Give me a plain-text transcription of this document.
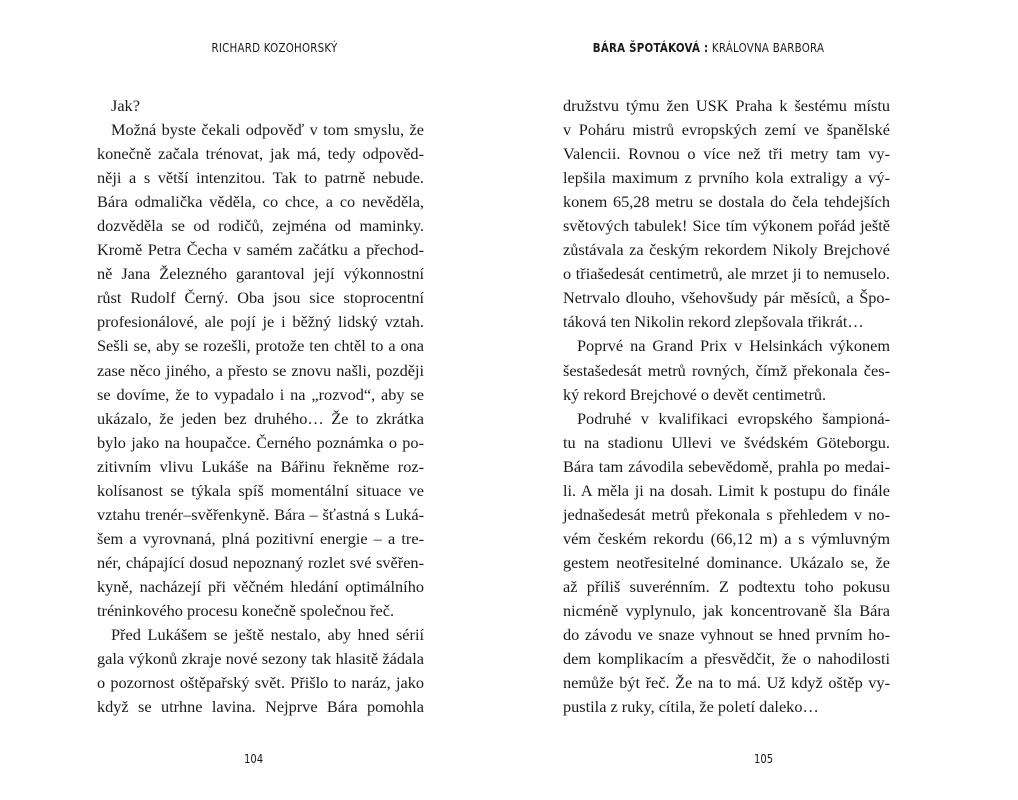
RICHARD KOZOHORSKÝ
Jak?
Možná byste čekali odpověď v tom smyslu, že
konečně začala trénovat, jak má, tedy odpověd-
něji a s větší intenzitou. Tak to patrně nebude.
Bára odmalička věděla, co chce, a co nevěděla,
dozvěděla se od rodičů, zejména od maminky.
Kromě Petra Čecha v samém začátku a přechod-
ně Jana Železného garantoval její výkonnostní
růst Rudolf Černý. Oba jsou sice stoprocentní
profesionálové, ale pojí je i běžný lidský vztah.
Sešli se, aby se rozešli, protože ten chtěl to a ona
zase něco jiného, a přesto se znovu našli, později
se dovíme, že to vypadalo i na „rozvod“, aby se
ukázalo, že jeden bez druhého… Že to zkrátka
bylo jako na houpačce. Černého poznámka o po-
zitivním vlivu Lukáše na Bářinu řekněme roz-
kolísanost se týkala spíš momentální situace ve
vztahu trenér–svěřenkyně. Bára – šťastná s Luká-
šem a vyrovnaná, plná pozitivní energie – a tre-
nér, chápající dosud nepoznaný rozlet své svěřen-
kyně, nacházejí při věčném hledání optimálního
tréninkového procesu konečně společnou řeč.
Před Lukášem se ještě nestalo, aby hned sérií
gala výkonů zkraje nové sezony tak hlasitě žádala
o pozornost oštěpařský svět. Přišlo to naráz, jako
když se utrhne lavina. Nejprve Bára pomohla
104
BÁRA ŠPOTÁKOVÁ : KRÁLOVNA BARBORA
družstvu týmu žen USK Praha k šestému místu
v Poháru mistrů evropských zemí ve španělské
Valencii. Rovnou o více než tři metry tam vy-
lepšila maximum z prvního kola extraligy a vý-
konem 65,28 metru se dostala do čela tehdejších
světových tabulek! Sice tím výkonem pořád ještě
zůstávala za českým rekordem Nikoly Brejchové
o třiašedesát centimetrů, ale mrzet ji to nemuselo.
Netrvalo dlouho, všehovšudy pár měsíců, a Špo-
táková ten Nikolin rekord zlepšovala třikrát…
Poprvé na Grand Prix v Helsinkách výkonem
šestašedesát metrů rovných, čímž překonala čes-
ký rekord Brejchové o devět centimetrů.
Podruhé v kvalifikaci evropského šampioná-
tu na stadionu Ullevi ve švédském Göteborgu.
Bára tam závodila sebevědomě, prahla po medai-
li. A měla ji na dosah. Limit k postupu do finále
jednašedesát metrů překonala s přehledem v no-
vém českém rekordu (66,12 m) a s výmluvným
gestem neotřesitelné dominance. Ukázalo se, že
až příliš suverénním. Z podtextu toho pokusu
nicméně vyplynulo, jak koncentrovaně šla Bára
do závodu ve snaze vyhnout se hned prvním ho-
dem komplikacím a přesvědčit, že o nahodilosti
nemůže být řeč. Že na to má. Už když oštěp vy-
pustila z ruky, cítila, že poletí daleko…
105
